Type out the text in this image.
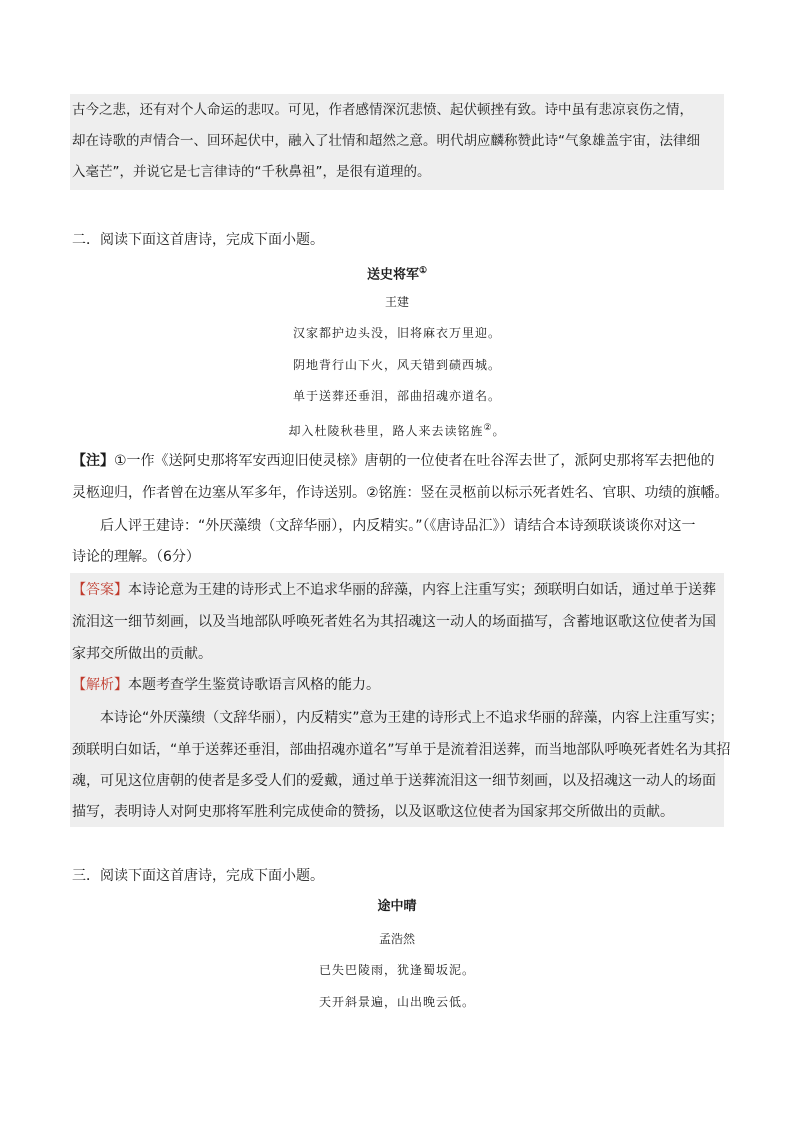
古今之悲，还有对个人命运的悲叹。可见，作者感情深沉悲愤、起伏顿挫有致。诗中虽有悲凉哀伤之情，
却在诗歌的声情合一、回环起伏中，融入了壮情和超然之意。明代胡应麟称赞此诗“气象雄盖宇宙，法律细
入毫芒”，并说它是七言律诗的“千秋鼻祖”，是很有道理的。
二．阅读下面这首唐诗，完成下面小题。
送史将军①
王建
汉家都护边头没，旧将麻衣万里迎。
阴地背行山下火，风天错到碛西城。
单于送葬还垂泪，部曲招魂亦道名。
却入杜陵秋巷里，路人来去读铭旌②。
【注】①一作《送阿史那将军安西迎旧使灵榇》唐朝的一位使者在吐谷浑去世了，派阿史那将军去把他的
灵柩迎归，作者曾在边塞从军多年，作诗送别。②铭旌：竖在灵柩前以标示死者姓名、官职、功绩的旗幡。
后人评王建诗：“外厌藻缋（文辞华丽），内反精实。”（《唐诗品汇》）请结合本诗颈联谈谈你对这一
诗论的理解。（6分）
【答案】本诗论意为王建的诗形式上不追求华丽的辞藻，内容上注重写实；颈联明白如话，通过单于送葬
流泪这一细节刻画，以及当地部队呼唤死者姓名为其招魂这一动人的场面描写，含蓄地讴歌这位使者为国
家邦交所做出的贡献。
【解析】本题考查学生鉴赏诗歌语言风格的能力。
本诗论“外厌藻缋（文辞华丽），内反精实”意为王建的诗形式上不追求华丽的辞藻，内容上注重写实；
颈联明白如话，“单于送葬还垂泪，部曲招魂亦道名”写单于是流着泪送葬，而当地部队呼唤死者姓名为其招
魂，可见这位唐朝的使者是多受人们的爱戴，通过单于送葬流泪这一细节刻画，以及招魂这一动人的场面
描写，表明诗人对阿史那将军胜利完成使命的赞扬，以及讴歌这位使者为国家邦交所做出的贡献。
三．阅读下面这首唐诗，完成下面小题。
途中晴
孟浩然
已失巴陵雨，犹逢蜀坂泥。
天开斜景遍，山出晚云低。
